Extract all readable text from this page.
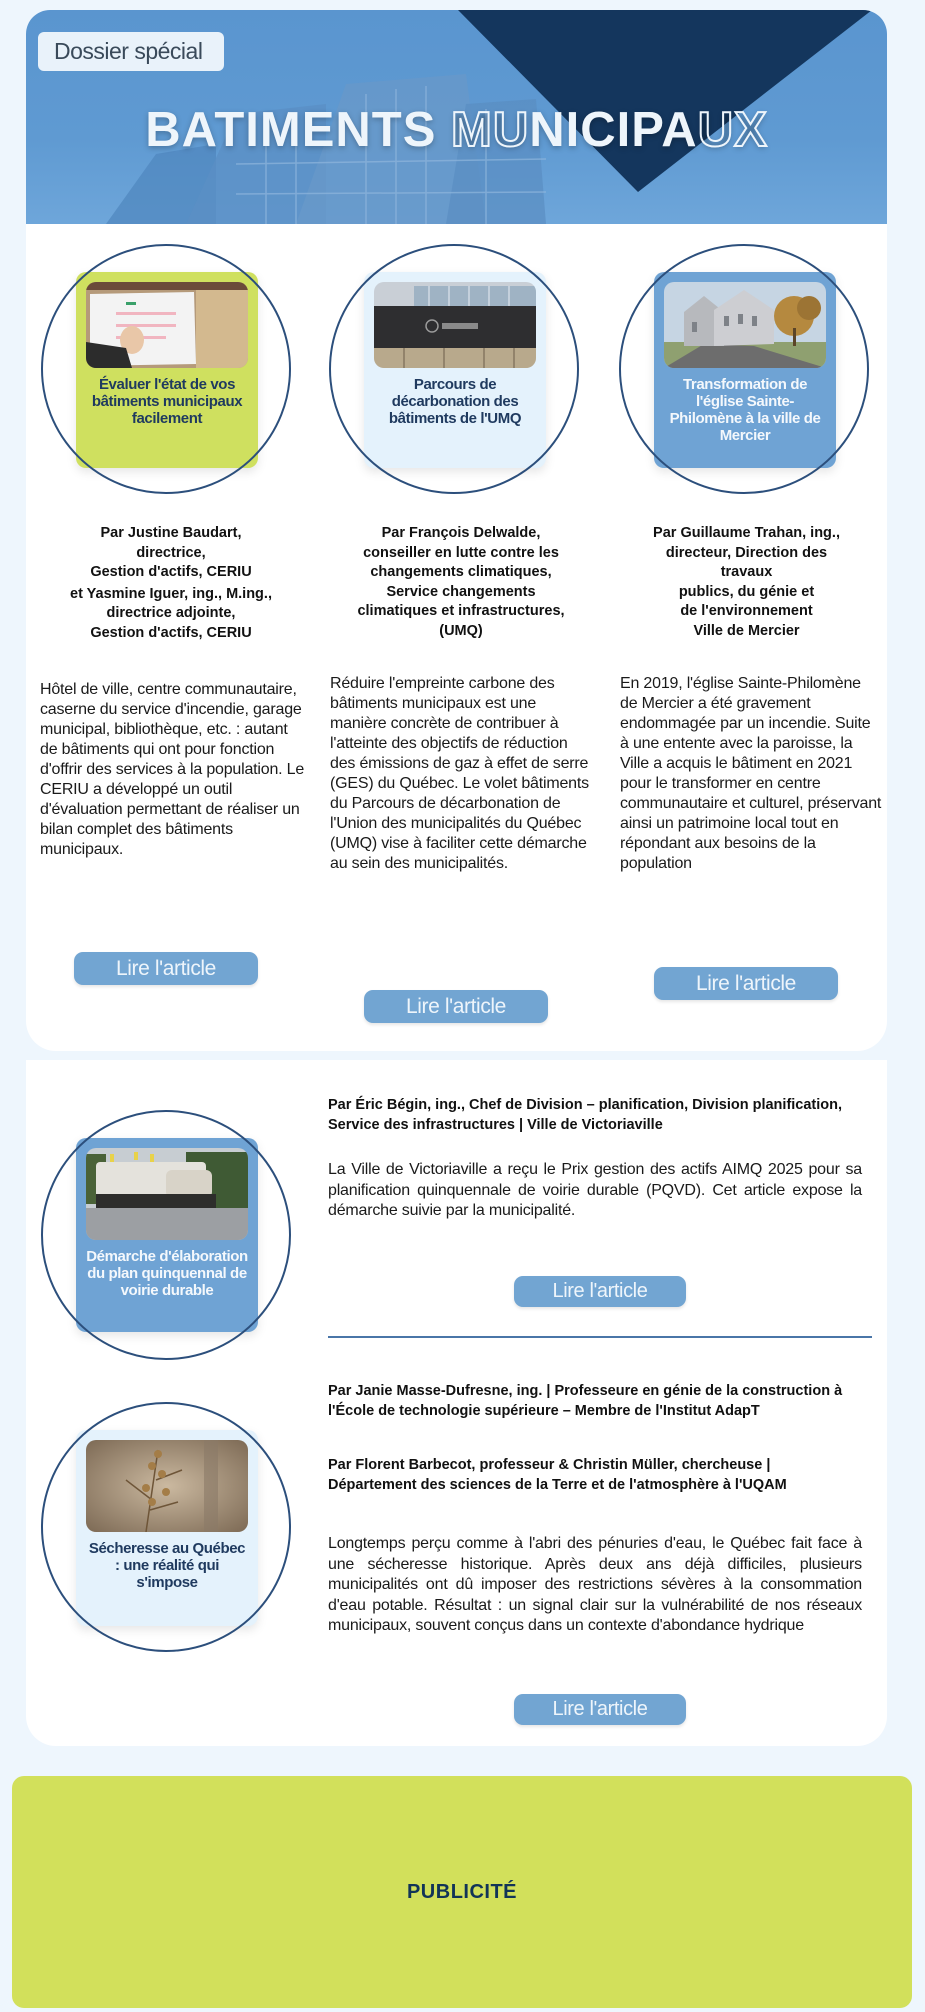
Dossier spécial
BATIMENTS MUNICIPAUX
Évaluer l'état de vos bâtiments municipaux facilement

Par Justine Baudart,

directrice,

Gestion d'actifs, CERIU

et Yasmine Iguer, ing., M.ing.,

directrice adjointe,

Gestion d'actifs, CERIU

Hôtel de ville, centre communautaire, caserne du service d'incendie, garage municipal, bibliothèque, etc. : autant de bâtiments qui ont pour fonction d'offrir des services à la population. Le CERIU a développé un outil d'évaluation permettant de réaliser un bilan complet des bâtiments municipaux.
Lire l'article
Parcours de décarbonation des bâtiments de l'UMQ

Par François Delwalde,

conseiller en lutte contre les

changements climatiques,

Service changements

climatiques et infrastructures,

(UMQ)

Réduire l'empreinte carbone des bâtiments municipaux est une manière concrète de contribuer à l'atteinte des objectifs de réduction des émissions de gaz à effet de serre (GES) du Québec. Le volet bâtiments du Parcours de décarbonation de l'Union des municipalités du Québec (UMQ) vise à faciliter cette démarche au sein des municipalités.
Lire l'article
Transformation de l'église Sainte-Philomène à la ville de Mercier

Par Guillaume Trahan, ing.,

directeur, Direction des

travaux

publics, du génie et

de l'environnement

Ville de Mercier

En 2019, l'église Sainte-Philomène de Mercier a été gravement endommagée par un incendie. Suite à une entente avec la paroisse, la Ville a acquis le bâtiment en 2021 pour le transformer en centre communautaire et culturel, préservant ainsi un patrimoine local tout en répondant aux besoins de la population
Lire l'article
Démarche d'élaboration du plan quinquennal de voirie durable
Par Éric Bégin, ing., Chef de Division – planification, Division planification, Service des infrastructures | Ville de Victoriaville
La Ville de Victoriaville a reçu le Prix gestion des actifs AIMQ 2025 pour sa planification quinquennale de voirie durable (PQVD). Cet article expose la démarche suivie par la municipalité.
Lire l'article
Sécheresse au Québec : une réalité qui s'impose
Par Janie Masse-Dufresne, ing. | Professeure en génie de la construction à l'École de technologie supérieure – Membre de l'Institut AdapT
Par Florent Barbecot, professeur & Christin Müller, chercheuse | Département des sciences de la Terre et de l'atmosphère à l'UQAM
Longtemps perçu comme à l'abri des pénuries d'eau, le Québec fait face à une sécheresse historique. Après deux ans déjà difficiles, plusieurs municipalités ont dû imposer des restrictions sévères à la consommation d'eau potable. Résultat : un signal clair sur la vulnérabilité de nos réseaux municipaux, souvent conçus dans un contexte d'abondance hydrique
Lire l'article
PUBLICITÉ
